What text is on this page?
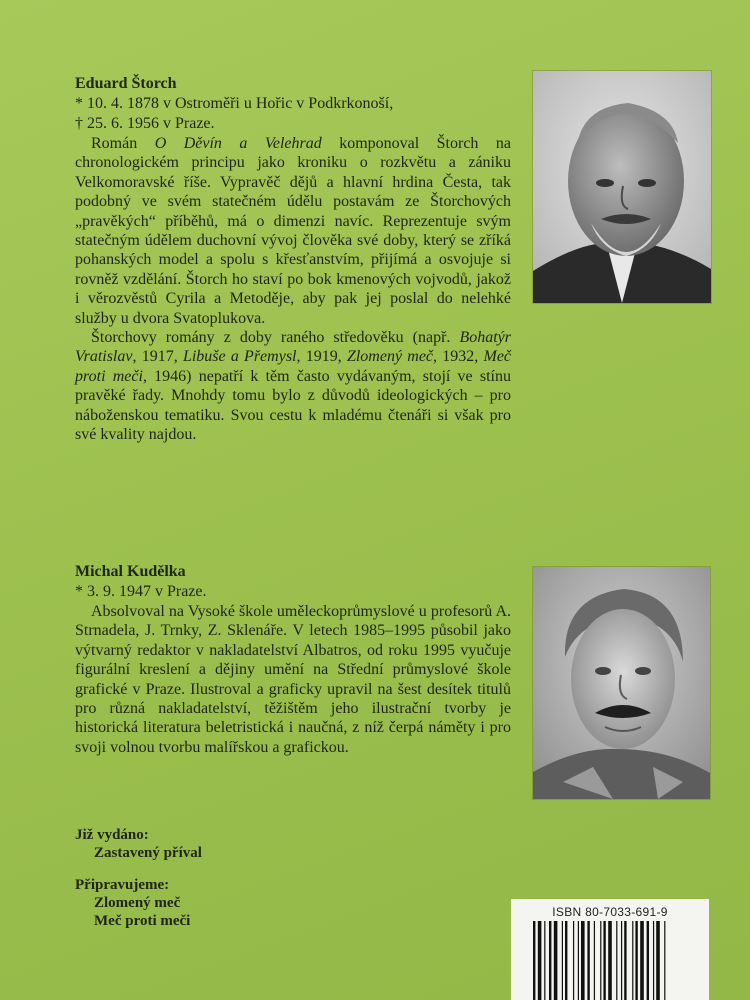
Eduard Štorch

* 10. 4. 1878 v Ostroměři u Hořic v Podkrkonoší,

† 25. 6. 1956 v Praze.

Román O Děvín a Velehrad komponoval Štorch na chronologickém principu jako kroniku o rozkvětu a zániku Velkomoravské říše. Vypravěč dějů a hlavní hrdina Česta, tak podobný ve svém statečném údělu postavám ze Štorchových „pravěkých“ příběhů, má o dimenzi navíc. Reprezentuje svým statečným údělem duchovní vývoj člověka své doby, který se zříká pohanských model a spolu s křesťanstvím, přijímá a osvojuje si rovněž vzdělání. Štorch ho staví po bok kmenových vojvodů, jakož i věrozvěstů Cyrila a Metoděje, aby pak jej poslal do nelehké služby u dvora Svatoplukova.

Štorchovy romány z doby raného středověku (např. Bohatýr Vratislav, 1917, Libuše a Přemysl, 1919, Zlomený meč, 1932, Meč proti meči, 1946) nepatří k těm často vydávaným, stojí ve stínu pravěké řady. Mnohdy tomu bylo z důvodů ideologických – pro náboženskou tematiku. Svou cestu k mladému čtenáři si však pro své kvality najdou.

Michal Kudělka

* 3. 9. 1947 v Praze.

Absolvoval na Vysoké škole uměleckoprůmyslové u profesorů A. Strnadela, J. Trnky, Z. Sklenáře. V letech 1985–1995 působil jako výtvarný redaktor v nakladatelství Albatros, od roku 1995 vyučuje figurální kreslení a dějiny umění na Střední průmyslové škole grafické v Praze. Ilustroval a graficky upravil na šest desítek titulů pro různá nakladatelství, těžištěm jeho ilustrační tvorby je historická literatura beletristická i naučná, z níž čerpá náměty i pro svoji volnou tvorbu malířskou a grafickou.

Již vydáno:

Zastavený příval

Připravujeme:

Zlomený meč

Meč proti meči

ISBN 80-7033-691-9
